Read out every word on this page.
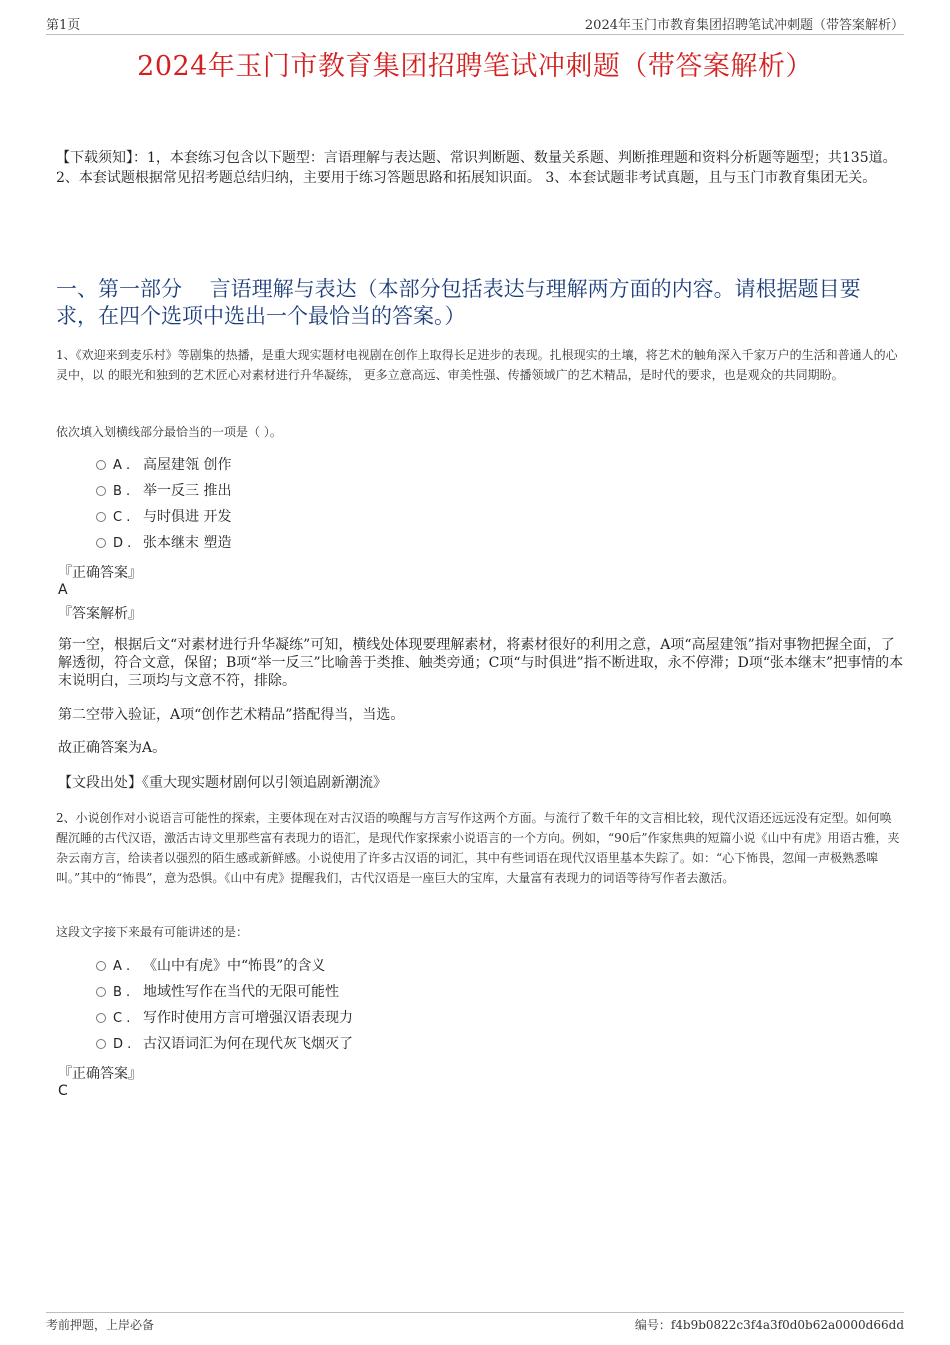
第1页	2024年玉门市教育集团招聘笔试冲刺题（带答案解析）
2024年玉门市教育集团招聘笔试冲刺题（带答案解析）
【下载须知】：1，本套练习包含以下题型：言语理解与表达题、常识判断题、数量关系题、判断推理题和资料分析题等题型；共135道。 2、本套试题根据常见招考题总结归纳，主要用于练习答题思路和拓展知识面。 3、本套试题非考试真题，且与玉门市教育集团无关。
一、第一部分　 言语理解与表达（本部分包括表达与理解两方面的内容。请根据题目要求，在四个选项中选出一个最恰当的答案。）
1、《欢迎来到麦乐村》等剧集的热播，是重大现实题材电视剧在创作上取得长足进步的表现。扎根现实的土壤，将艺术的触角深入千家万户的生活和普通人的心灵中，以 的眼光和独到的艺术匠心对素材进行升华凝练， 更多立意高远、审美性强、传播领域广的艺术精品，是时代的要求，也是观众的共同期盼。
依次填入划横线部分最恰当的一项是（ ）。
A . 高屋建瓴 创作
B . 举一反三 推出
C . 与时俱进 开发
D . 张本继末 塑造
『正确答案』
A
『答案解析』
第一空，根据后文“对素材进行升华凝练”可知，横线处体现要理解素材，将素材很好的利用之意，A项“高屋建瓴”指对事物把握全面，了解透彻，符合文意，保留；B项“举一反三”比喻善于类推、触类旁通；C项“与时俱进”指不断进取，永不停滞；D项“张本继末”把事情的本末说明白，三项均与文意不符，排除。
第二空带入验证，A项“创作艺术精品”搭配得当，当选。
故正确答案为A。
【文段出处】《重大现实题材剧何以引领追剧新潮流》
2、小说创作对小说语言可能性的探索，主要体现在对古汉语的唤醒与方言写作这两个方面。与流行了数千年的文言相比较，现代汉语还远远没有定型。如何唤醒沉睡的古代汉语，激活古诗文里那些富有表现力的语汇，是现代作家探索小说语言的一个方向。例如，“90后”作家焦典的短篇小说《山中有虎》用语古雅，夹杂云南方言，给读者以强烈的陌生感或新鲜感。小说使用了许多古汉语的词汇，其中有些词语在现代汉语里基本失踪了。如：“心下怖畏，忽闻一声极熟悉嗥叫。”其中的“怖畏”，意为恐惧。《山中有虎》提醒我们，古代汉语是一座巨大的宝库，大量富有表现力的词语等待写作者去激活。
这段文字接下来最有可能讲述的是：
A . 《山中有虎》中“怖畏”的含义
B . 地域性写作在当代的无限可能性
C . 写作时使用方言可增强汉语表现力
D . 古汉语词汇为何在现代灰飞烟灭了
『正确答案』
C
考前押题，上岸必备	编号：f4b9b0822c3f4a3f0d0b62a0000d66dd
